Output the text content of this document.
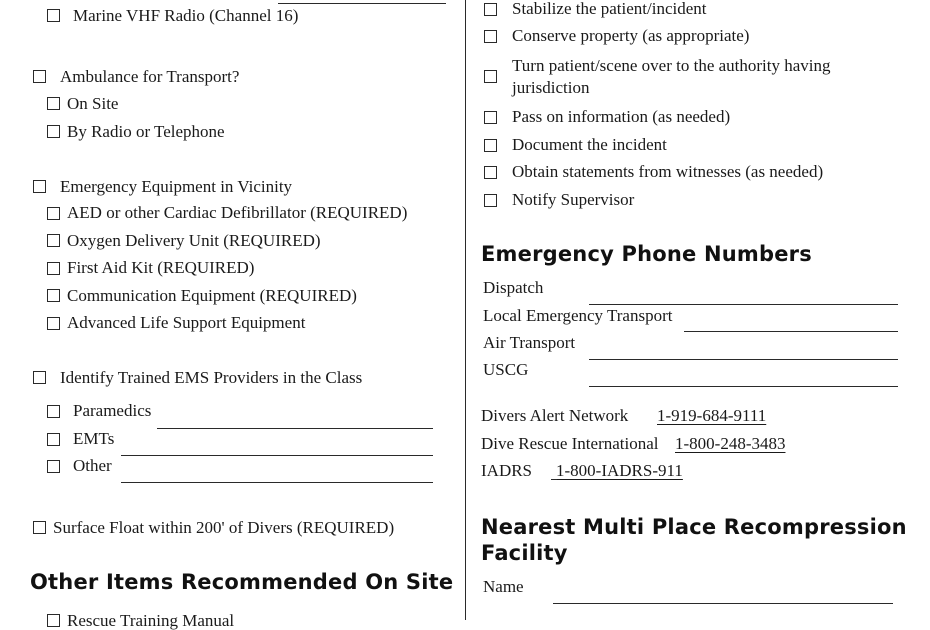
Marine VHF Radio (Channel 16)
Ambulance for Transport?
On Site
By Radio or Telephone
Emergency Equipment in Vicinity
AED or other Cardiac Defibrillator (REQUIRED)
Oxygen Delivery Unit (REQUIRED)
First Aid Kit (REQUIRED)
Communication Equipment (REQUIRED)
Advanced Life Support Equipment
Identify Trained EMS Providers in the Class
Paramedics
EMTs
Other
Surface Float within 200' of Divers (REQUIRED)
Other Items Recommended On Site
Rescue Training Manual
Stabilize the patient/incident
Conserve property (as appropriate)
Turn patient/scene over to the authority having
jurisdiction
Pass on information (as needed)
Document the incident
Obtain statements from witnesses (as needed)
Notify Supervisor
Emergency Phone Numbers
Dispatch
Local Emergency Transport
Air Transport
USCG
Divers Alert Network 1-919-684-9111
Dive Rescue International 1-800-248-3483
IADRS 1-800-IADRS-911
Nearest Multi Place Recompression
Facility
Name
